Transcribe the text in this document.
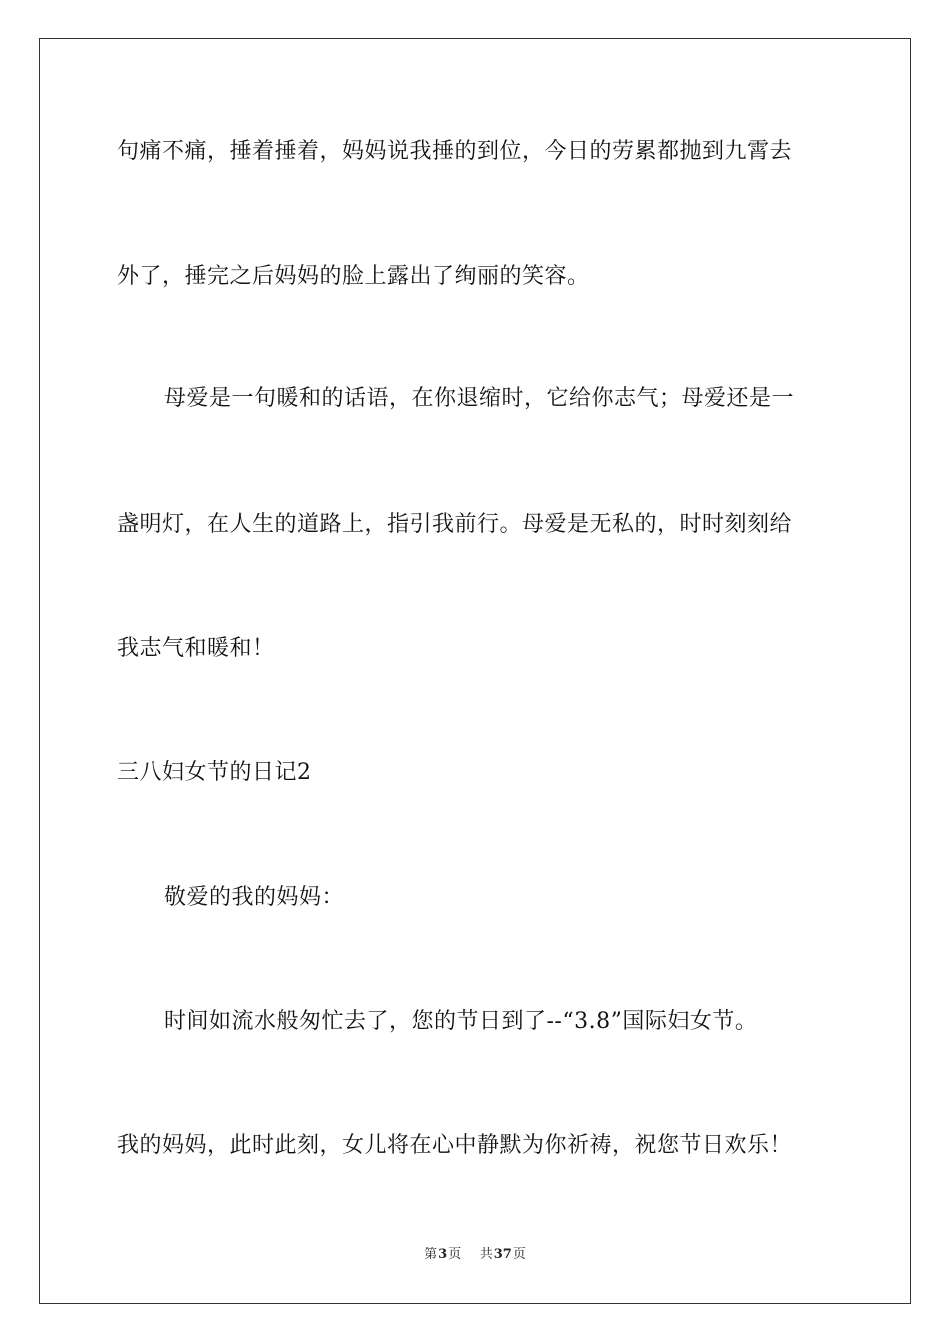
句痛不痛，捶着捶着，妈妈说我捶的到位，今日的劳累都抛到九霄去
外了，捶完之后妈妈的脸上露出了绚丽的笑容。
母爱是一句暖和的话语，在你退缩时，它给你志气；母爱还是一
盏明灯，在人生的道路上，指引我前行。母爱是无私的，时时刻刻给
我志气和暖和！
三八妇女节的日记2
敬爱的我的妈妈：
时间如流水般匆忙去了，您的节日到了--“3.8”国际妇女节。
我的妈妈，此时此刻，女儿将在心中静默为你祈祷，祝您节日欢乐！
第3页 共37页
